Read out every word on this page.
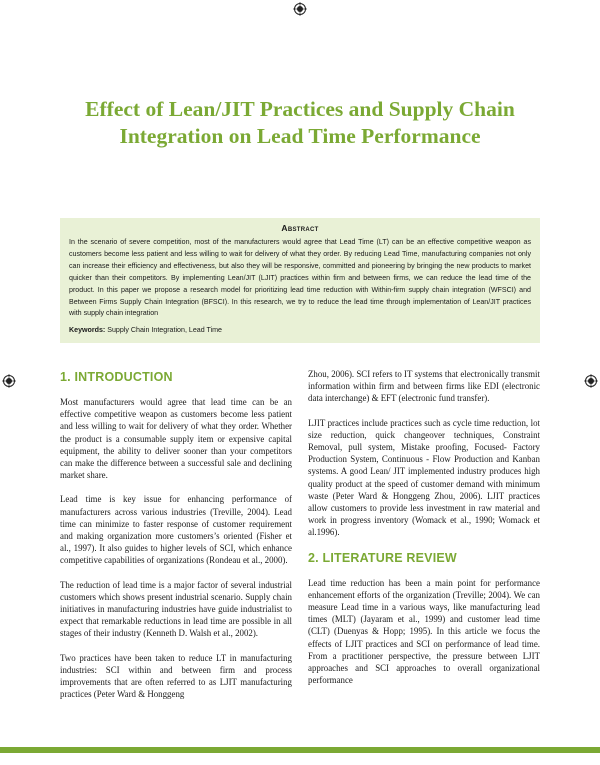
Effect of Lean/JIT Practices and Supply Chain Integration on Lead Time Performance

Abstract

In the scenario of severe competition, most of the manufacturers would agree that Lead Time (LT) can be an effective competitive weapon as customers become less patient and less willing to wait for delivery of what they order. By reducing Lead Time, manufacturing companies not only can increase their efficiency and effectiveness, but also they will be responsive, committed and pioneering by bringing the new products to market quicker than their competitors. By implementing Lean/JIT (LJIT) practices within firm and between firms, we can reduce the lead time of the product. In this paper we propose a research model for prioritizing lead time reduction with Within-firm supply chain integration (WFSCI) and Between Firms Supply Chain Integration (BFSCI). In this research, we try to reduce the lead time through implementation of Lean/JIT practices with supply chain integration

Keywords: Supply Chain Integration, Lead Time

1. INTRODUCTION

Most manufacturers would agree that lead time can be an effective competitive weapon as customers become less patient and less willing to wait for delivery of what they order. Whether the product is a consumable supply item or expensive capital equipment, the ability to deliver sooner than your competitors can make the difference between a successful sale and declining market share.

Lead time is key issue for enhancing performance of manufacturers across various industries (Treville, 2004). Lead time can minimize to faster response of customer requirement and making organization more customers’s oriented (Fisher et al., 1997). It also guides to higher levels of SCI, which enhance competitive capabilities of organizations (Rondeau et al., 2000).

The reduction of lead time is a major factor of several industrial customers which shows present industrial scenario. Supply chain initiatives in manufacturing industries have guide industrialist to expect that remarkable reductions in lead time are possible in all stages of their industry (Kenneth D. Walsh et al., 2002).

Two practices have been taken to reduce LT in manufacturing industries: SCI within and between firm and process improvements that are often referred to as LJIT manufacturing practices (Peter Ward & Honggeng

Zhou, 2006). SCI refers to IT systems that electronically transmit information within firm and between firms like EDI (electronic data interchange) & EFT (electronic fund transfer).

LJIT practices include practices such as cycle time reduction, lot size reduction, quick changeover techniques, Constraint Removal, pull system, Mistake proofing, Focused- Factory Production System, Continuous - Flow Production and Kanban systems. A good Lean/ JIT implemented industry produces high quality product at the speed of customer demand with minimum waste (Peter Ward & Honggeng Zhou, 2006). LJIT practices allow customers to provide less investment in raw material and work in progress inventory (Womack et al., 1990; Womack et al.1996).

2. LITERATURE REVIEW

Lead time reduction has been a main point for performance enhancement efforts of the organization (Treville; 2004). We can measure Lead time in a various ways, like manufacturing lead times (MLT) (Jayaram et al., 1999) and customer lead time (CLT) (Duenyas & Hopp; 1995). In this article we focus the effects of LJIT practices and SCI on performance of lead time. From a practitioner perspective, the pressure between LJIT approaches and SCI approaches to overall organizational performance
